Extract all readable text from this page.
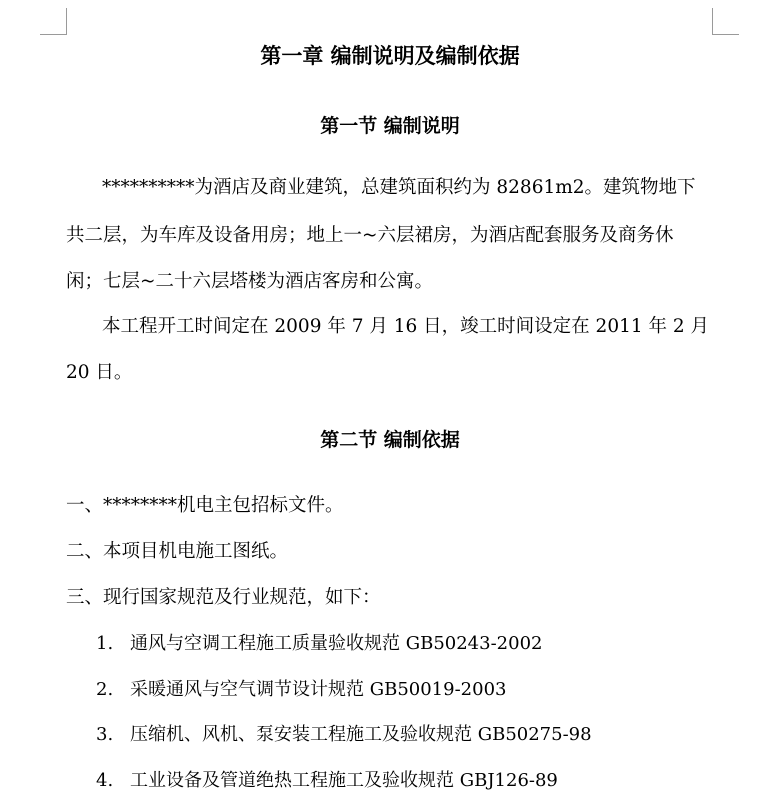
第一章 编制说明及编制依据
第一节 编制说明
**********为酒店及商业建筑，总建筑面积约为 82861m2。建筑物地下
共二层，为车库及设备用房；地上一~六层裙房，为酒店配套服务及商务休
闲；七层~二十六层塔楼为酒店客房和公寓。
本工程开工时间定在 2009 年 7 月 16 日，竣工时间设定在 2011 年 2 月
20 日。
第二节 编制依据
一、********机电主包招标文件。
二、本项目机电施工图纸。
三、现行国家规范及行业规范，如下：
1. 通风与空调工程施工质量验收规范 GB50243-2002
2. 采暖通风与空气调节设计规范 GB50019-2003
3. 压缩机、风机、泵安装工程施工及验收规范 GB50275-98
4. 工业设备及管道绝热工程施工及验收规范 GBJ126-89
